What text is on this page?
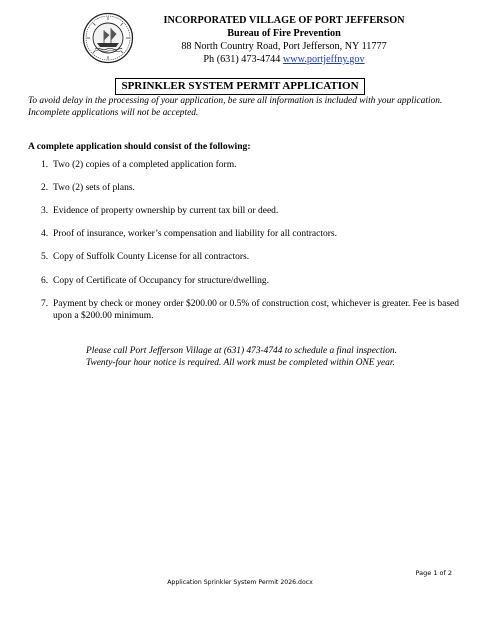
INCORPORATED VILLAGE OF PORT JEFFERSON
Bureau of Fire Prevention
88 North Country Road, Port Jefferson, NY 11777
Ph (631) 473-4744 www.portjeffny.gov
SPRINKLER SYSTEM PERMIT APPLICATION
To avoid delay in the processing of your application, be sure all information is included with your application.
Incomplete applications will not be accepted.
A complete application should consist of the following:
1. Two (2) copies of a completed application form.
2. Two (2) sets of plans.
3. Evidence of property ownership by current tax bill or deed.
4. Proof of insurance, worker’s compensation and liability for all contractors.
5. Copy of Suffolk County License for all contractors.
6. Copy of Certificate of Occupancy for structure/dwelling.
7. Payment by check or money order $200.00 or 0.5% of construction cost, whichever is greater. Fee is based upon a $200.00 minimum.
Please call Port Jefferson Village at (631) 473-4744 to schedule a final inspection.
Twenty-four hour notice is required. All work must be completed within ONE year.
Page 1 of 2
Application Sprinkler System Permit 2026.docx
